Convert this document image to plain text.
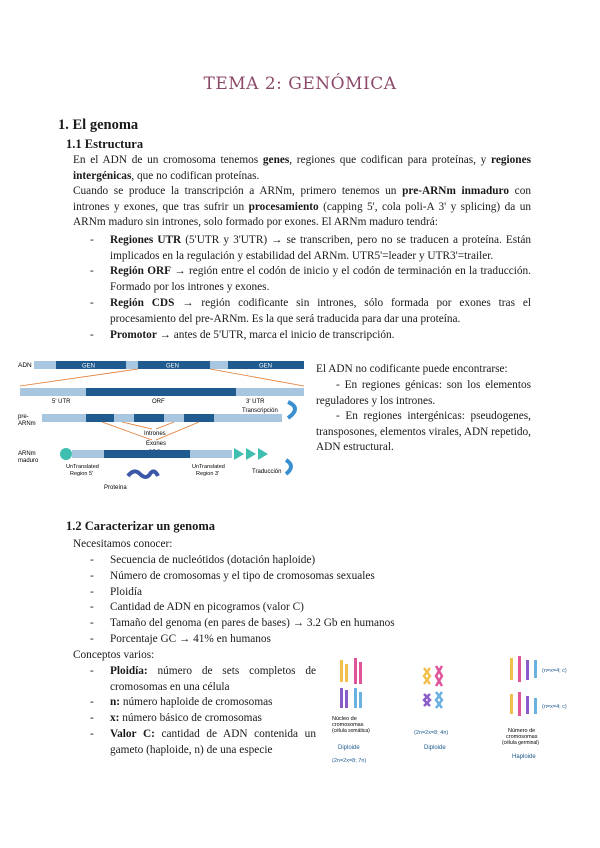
TEMA 2: GENÓMICA
1. El genoma
1.1 Estructura
En el ADN de un cromosoma tenemos genes, regiones que codifican para proteínas, y regiones intergénicas, que no codifican proteínas.
Cuando se produce la transcripción a ARNm, primero tenemos un pre-ARNm inmaduro con intrones y exones, que tras sufrir un procesamiento (capping 5', cola poli-A 3' y splicing) da un ARNm maduro sin intrones, solo formado por exones. El ARNm maduro tendrá:
- Regiones UTR (5'UTR y 3'UTR) → se transcriben, pero no se traducen a proteína. Están implicados en la regulación y estabilidad del ARNm. UTR5'=leader y UTR3'=trailer.
- Región ORF → región entre el codón de inicio y el codón de terminación en la traducción. Formado por los intrones y exones.
- Región CDS → región codificante sin intrones, sólo formada por exones tras el procesamiento del pre-ARNm. Es la que será traducida para dar una proteína.
- Promotor → antes de 5'UTR, marca el inicio de transcripción.
GEN	GEN	GEN
ADN
5' UTR	ORF	3' UTR
pre-
ARNm
Intrones
Exones
Transcripción
ARNm
maduro
UnTranslated
Region 5'
UnTranslated
Region 3'	Traducción
Proteína
El ADN no codificante puede encontrarse:
- En regiones génicas: son los elementos reguladores y los intrones.
- En regiones intergénicas: pseudogenes, transposones, elementos virales, ADN repetido, ADN estructural.
1.2 Caracterizar un genoma
Necesitamos conocer:
- Secuencia de nucleótidos (dotación haploide)
- Número de cromosomas y el tipo de cromosomas sexuales
- Ploidía
- Cantidad de ADN en picogramos (valor C)
- Tamaño del genoma (en pares de bases) → 3.2 Gb en humanos
- Porcentaje GC → 41% en humanos
Conceptos varios:
- Ploidía: número de sets completos de cromosomas en una célula
- n: número haploide de cromosomas
- x: número básico de cromosomas
- Valor C: cantidad de ADN contenida un gameto (haploide, n) de una especie
Núcleo de
cromosomas
(célula somática)
Diploide
(2n=2x=8; 7n)
(2n=2x=8; 4n)
Diploide
(n=x=4; c)
(n=x=4; c)
Número de
cromosomas
(célula germinal)
Haploide
